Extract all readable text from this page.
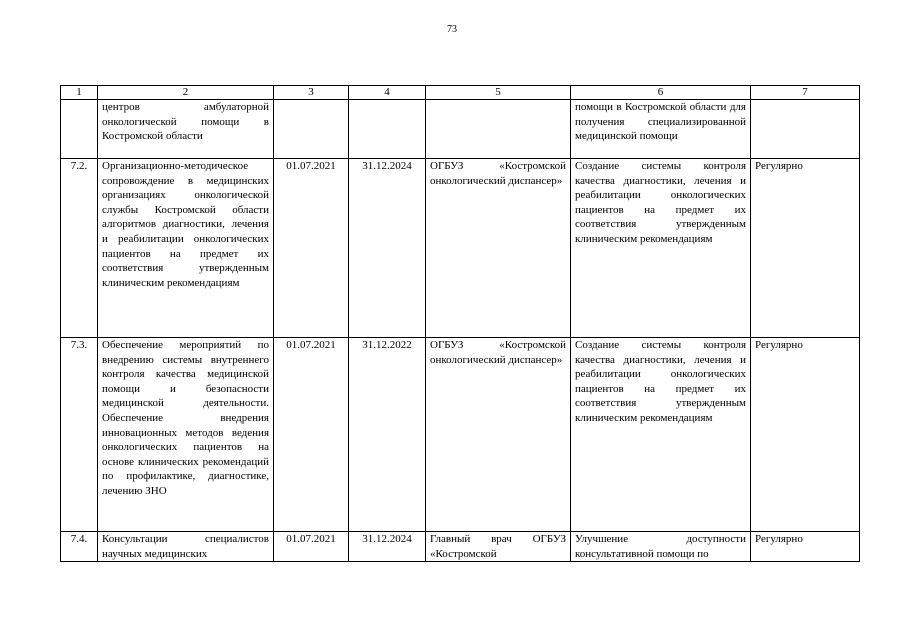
73
1	2	3	4	5	6	7
	центров амбулаторной онкологической помощи в Костромской области				помощи в Костромской области для получения специализированной медицинской помощи	
7.2.	Организационно-методическое сопровождение в медицинских организациях онкологической службы Костромской области алгоритмов диагностики, лечения и реабилитации онкологических пациентов на предмет их соответствия утвержденным клиническим рекомендациям	01.07.2021	31.12.2024	ОГБУЗ «Костромской онкологический диспансер»	Создание системы контроля качества диагностики, лечения и реабилитации онкологических пациентов на предмет их соответствия утвержденным клиническим рекомендациям	Регулярно
7.3.	Обеспечение мероприятий по внедрению системы внутреннего контроля качества медицинской помощи и безопасности медицинской деятельности. Обеспечение внедрения инновационных методов ведения онкологических пациентов на основе клинических рекомендаций по профилактике, диагностике, лечению ЗНО	01.07.2021	31.12.2022	ОГБУЗ «Костромской онкологический диспансер»	Создание системы контроля качества диагностики, лечения и реабилитации онкологических пациентов на предмет их соответствия утвержденным клиническим рекомендациям	Регулярно
7.4.	Консультации специалистов научных медицинских	01.07.2021	31.12.2024	Главный врач ОГБУЗ «Костромской	Улучшение доступности консультативной помощи по	Регулярно
